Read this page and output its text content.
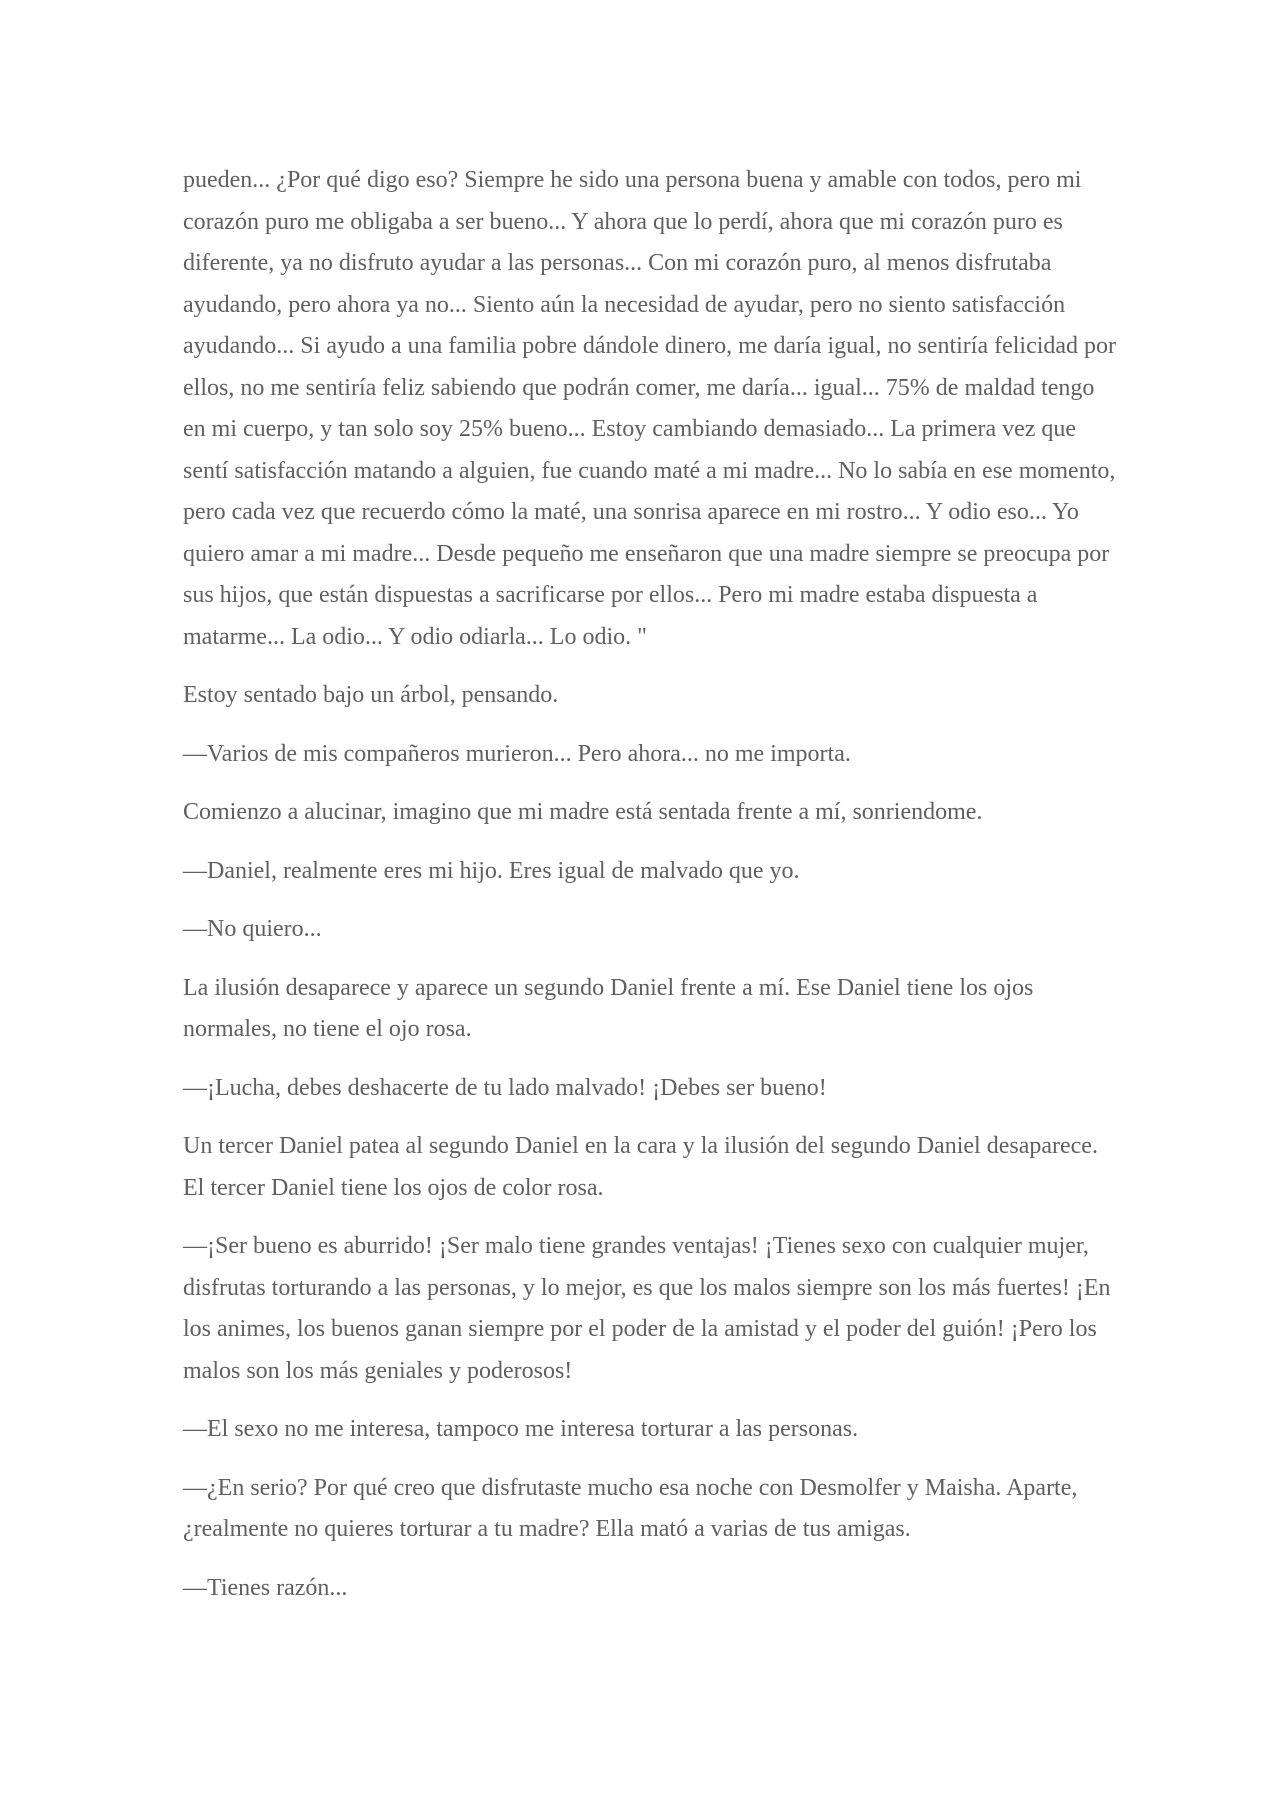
pueden... ¿Por qué digo eso? Siempre he sido una persona buena y amable con todos, pero mi corazón puro me obligaba a ser bueno... Y ahora que lo perdí, ahora que mi corazón puro es diferente, ya no disfruto ayudar a las personas... Con mi corazón puro, al menos disfrutaba ayudando, pero ahora ya no... Siento aún la necesidad de ayudar, pero no siento satisfacción ayudando... Si ayudo a una familia pobre dándole dinero, me daría igual, no sentiría felicidad por ellos, no me sentiría feliz sabiendo que podrán comer, me daría... igual... 75% de maldad tengo en mi cuerpo, y tan solo soy 25% bueno... Estoy cambiando demasiado... La primera vez que sentí satisfacción matando a alguien, fue cuando maté a mi madre... No lo sabía en ese momento, pero cada vez que recuerdo cómo la maté, una sonrisa aparece en mi rostro... Y odio eso... Yo quiero amar a mi madre... Desde pequeño me enseñaron que una madre siempre se preocupa por sus hijos, que están dispuestas a sacrificarse por ellos... Pero mi madre estaba dispuesta a matarme... La odio... Y odio odiarla... Lo odio. "

Estoy sentado bajo un árbol, pensando.

—Varios de mis compañeros murieron... Pero ahora... no me importa.

Comienzo a alucinar, imagino que mi madre está sentada frente a mí, sonriendome.

—Daniel, realmente eres mi hijo. Eres igual de malvado que yo.

—No quiero...

La ilusión desaparece y aparece un segundo Daniel frente a mí. Ese Daniel tiene los ojos normales, no tiene el ojo rosa.

—¡Lucha, debes deshacerte de tu lado malvado! ¡Debes ser bueno!

Un tercer Daniel patea al segundo Daniel en la cara y la ilusión del segundo Daniel desaparece. El tercer Daniel tiene los ojos de color rosa.

—¡Ser bueno es aburrido! ¡Ser malo tiene grandes ventajas! ¡Tienes sexo con cualquier mujer, disfrutas torturando a las personas, y lo mejor, es que los malos siempre son los más fuertes! ¡En los animes, los buenos ganan siempre por el poder de la amistad y el poder del guión! ¡Pero los malos son los más geniales y poderosos!

—El sexo no me interesa, tampoco me interesa torturar a las personas.

—¿En serio? Por qué creo que disfrutaste mucho esa noche con Desmolfer y Maisha. Aparte, ¿realmente no quieres torturar a tu madre? Ella mató a varias de tus amigas.

—Tienes razón...
